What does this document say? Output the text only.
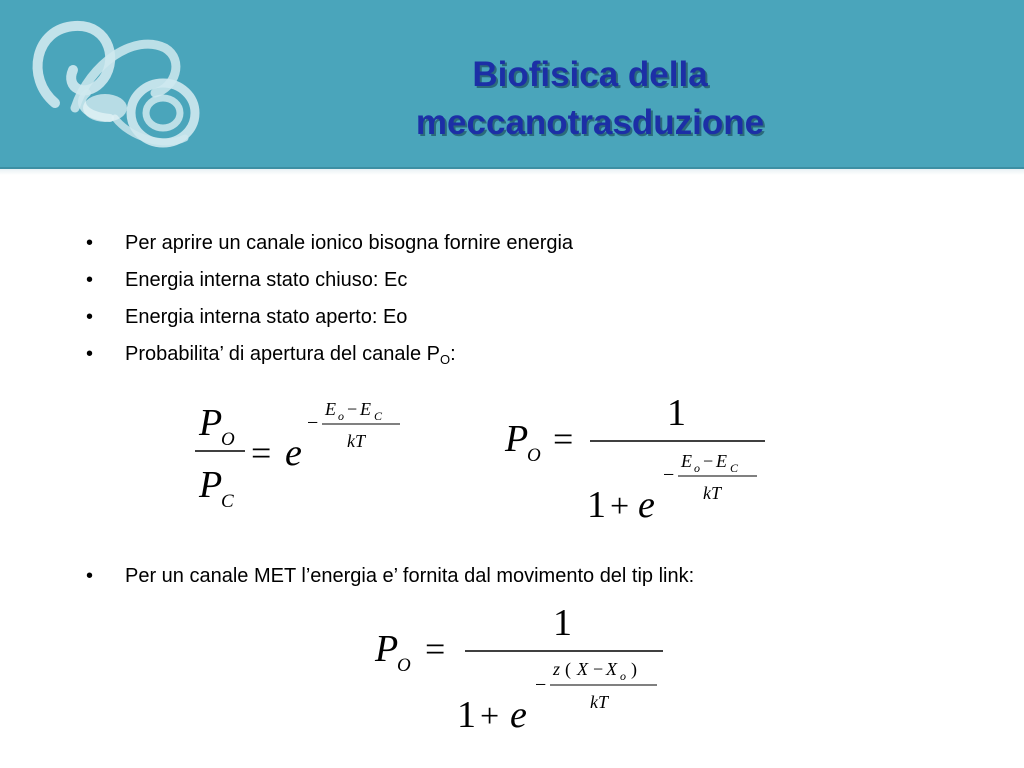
Biofisica della
meccanotrasduzione
• Per aprire un canale ionico bisogna fornire energia
• Energia interna stato chiuso: Ec
• Energia interna stato aperto: Eo
• Probabilita’ di apertura del canale $P_O$:
• Per un canale MET l’energia e’ fornita dal movimento del tip link:
P
O
P
C
= e
−
E o − E C
kT	P
O =
1
1 + e
−
E o − E C
kT
P
O =
1
1 + e
−
z ( X − X o )
kT
